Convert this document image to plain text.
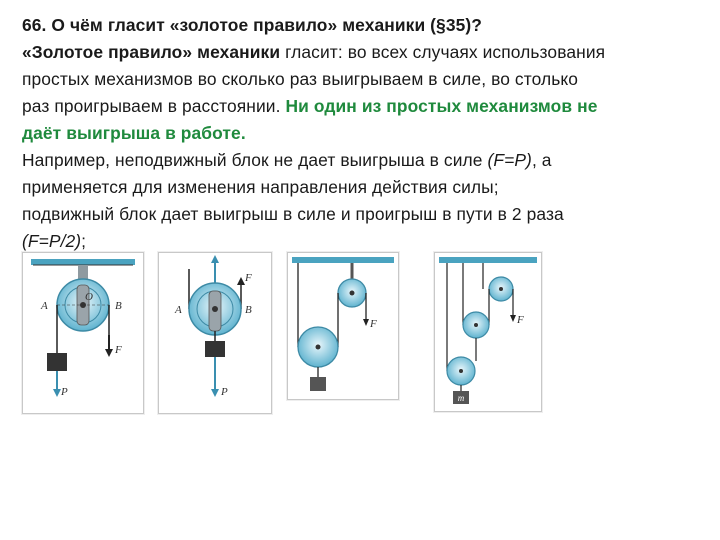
66. О чём гласит «золотое правило» механики (§35)?
«Золотое правило» механики гласит: во всех случаях использования
простых механизмов во сколько раз выигрываем в силе, во столько
раз проигрываем в расстоянии. Ни один из простых механизмов не
даёт выигрыша в работе.
Например, неподвижный блок не дает выигрыша в силе (F=P), а
применяется для изменения направления действия силы;
подвижный блок дает выигрыш в силе и проигрыш в пути в 2 раза
(F=P/2);
A	B
O
F
P
A	B
F
P
F	F
m
